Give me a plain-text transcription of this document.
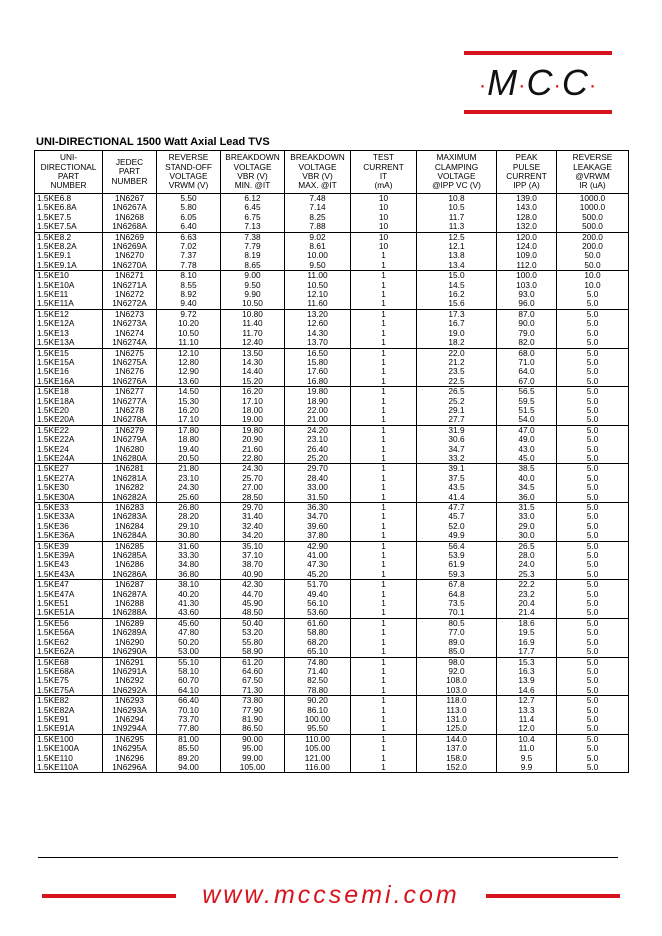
·M·C·C·
UNI-DIRECTIONAL 1500 Watt Axial Lead TVS
UNI-
DIRECTIONAL
PART
NUMBER	JEDEC
PART
NUMBER	REVERSE
STAND-OFF
VOLTAGE
VRWM (V)	BREAKDOWN
VOLTAGE
VBR (V)
MIN. @IT	BREAKDOWN
VOLTAGE
VBR (V)
MAX. @IT	TEST
CURRENT
IT
(mA)	MAXIMUM
CLAMPING
VOLTAGE
@IPP VC (V)	PEAK
PULSE
CURRENT
IPP (A)	REVERSE
LEAKAGE
@VRWM
IR (uA)
1.5KE6.8	1N6267	5.50	6.12	7.48	10	10.8	139.0	1000.0
1.5KE6.8A	1N6267A	5.80	6.45	7.14	10	10.5	143.0	1000.0
1.5KE7.5	1N6268	6.05	6.75	8.25	10	11.7	128.0	500.0
1.5KE7.5A	1N6268A	6.40	7.13	7.88	10	11.3	132.0	500.0
1.5KE8.2	1N6269	6.63	7.38	9.02	10	12.5	120.0	200.0
1.5KE8.2A	1N6269A	7.02	7.79	8.61	10	12.1	124.0	200.0
1.5KE9.1	1N6270	7.37	8.19	10.00	1	13.8	109.0	50.0
1.5KE9.1A	1N6270A	7.78	8.65	9.50	1	13.4	112.0	50.0
1.5KE10	1N6271	8.10	9.00	11.00	1	15.0	100.0	10.0
1.5KE10A	1N6271A	8.55	9.50	10.50	1	14.5	103.0	10.0
1.5KE11	1N6272	8.92	9.90	12.10	1	16.2	93.0	5.0
1.5KE11A	1N6272A	9.40	10.50	11.60	1	15.6	96.0	5.0
1.5KE12	1N6273	9.72	10.80	13.20	1	17.3	87.0	5.0
1.5KE12A	1N6273A	10.20	11.40	12.60	1	16.7	90.0	5.0
1.5KE13	1N6274	10.50	11.70	14.30	1	19.0	79.0	5.0
1.5KE13A	1N6274A	11.10	12.40	13.70	1	18.2	82.0	5.0
1.5KE15	1N6275	12.10	13.50	16.50	1	22.0	68.0	5.0
1.5KE15A	1N6275A	12.80	14.30	15.80	1	21.2	71.0	5.0
1.5KE16	1N6276	12.90	14.40	17.60	1	23.5	64.0	5.0
1.5KE16A	1N6276A	13.60	15.20	16.80	1	22.5	67.0	5.0
1.5KE18	1N6277	14.50	16.20	19.80	1	26.5	56.5	5.0
1.5KE18A	1N6277A	15.30	17.10	18.90	1	25.2	59.5	5.0
1.5KE20	1N6278	16.20	18.00	22.00	1	29.1	51.5	5.0
1.5KE20A	1N6278A	17.10	19.00	21.00	1	27.7	54.0	5.0
1.5KE22	1N6279	17.80	19.80	24.20	1	31.9	47.0	5.0
1.5KE22A	1N6279A	18.80	20.90	23.10	1	30.6	49.0	5.0
1.5KE24	1N6280	19.40	21.60	26.40	1	34.7	43.0	5.0
1.5KE24A	1N6280A	20.50	22.80	25.20	1	33.2	45.0	5.0
1.5KE27	1N6281	21.80	24.30	29.70	1	39.1	38.5	5.0
1.5KE27A	1N6281A	23.10	25.70	28.40	1	37.5	40.0	5.0
1.5KE30	1N6282	24.30	27.00	33.00	1	43.5	34.5	5.0
1.5KE30A	1N6282A	25.60	28.50	31.50	1	41.4	36.0	5.0
1.5KE33	1N6283	26.80	29.70	36.30	1	47.7	31.5	5.0
1.5KE33A	1N6283A	28.20	31.40	34.70	1	45.7	33.0	5.0
1.5KE36	1N6284	29.10	32.40	39.60	1	52.0	29.0	5.0
1.5KE36A	1N6284A	30.80	34.20	37.80	1	49.9	30.0	5.0
1.5KE39	1N6285	31.60	35.10	42.90	1	56.4	26.5	5.0
1.5KE39A	1N6285A	33.30	37.10	41.00	1	53.9	28.0	5.0
1.5KE43	1N6286	34.80	38.70	47.30	1	61.9	24.0	5.0
1.5KE43A	1N6286A	36.80	40.90	45.20	1	59.3	25.3	5.0
1.5KE47	1N6287	38.10	42.30	51.70	1	67.8	22.2	5.0
1.5KE47A	1N6287A	40.20	44.70	49.40	1	64.8	23.2	5.0
1.5KE51	1N6288	41.30	45.90	56.10	1	73.5	20.4	5.0
1.5KE51A	1N6288A	43.60	48.50	53.60	1	70.1	21.4	5.0
1.5KE56	1N6289	45.60	50.40	61.60	1	80.5	18.6	5.0
1.5KE56A	1N6289A	47.80	53.20	58.80	1	77.0	19.5	5.0
1.5KE62	1N6290	50.20	55.80	68.20	1	89.0	16.9	5.0
1.5KE62A	1N6290A	53.00	58.90	65.10	1	85.0	17.7	5.0
1.5KE68	1N6291	55.10	61.20	74.80	1	98.0	15.3	5.0
1.5KE68A	1N6291A	58.10	64.60	71.40	1	92.0	16.3	5.0
1.5KE75	1N6292	60.70	67.50	82.50	1	108.0	13.9	5.0
1.5KE75A	1N6292A	64.10	71.30	78.80	1	103.0	14.6	5.0
1.5KE82	1N6293	66.40	73.80	90.20	1	118.0	12.7	5.0
1.5KE82A	1N6293A	70.10	77.90	86.10	1	113.0	13.3	5.0
1.5KE91	1N6294	73.70	81.90	100.00	1	131.0	11.4	5.0
1.5KE91A	1N9294A	77.80	86.50	95.50	1	125.0	12.0	5.0
1.5KE100	1N6295	81.00	90.00	110.00	1	144.0	10.4	5.0
1.5KE100A	1N6295A	85.50	95.00	105.00	1	137.0	11.0	5.0
1.5KE110	1N6296	89.20	99.00	121.00	1	158.0	9.5	5.0
1.5KE110A	1N6296A	94.00	105.00	116.00	1	152.0	9.9	5.0
www.mccsemi.com
